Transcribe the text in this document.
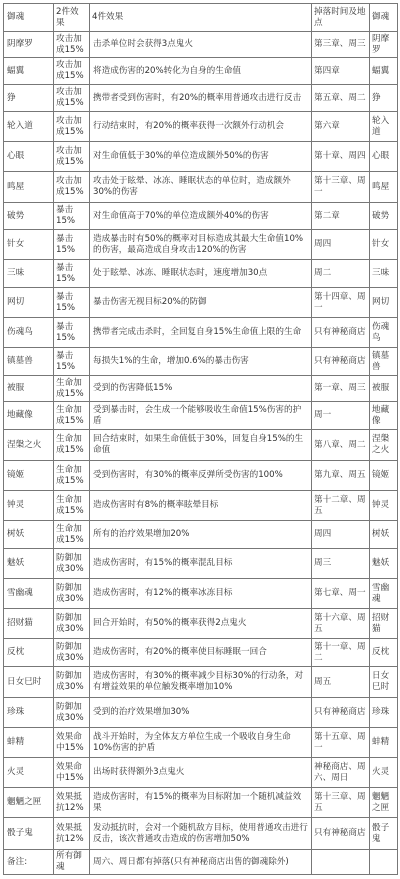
御魂	2件效果	4件效果	掉落时间及地点	御魂
阴摩罗	攻击加成15%	击杀单位时会获得3点鬼火	第三章、周三	阴摩罗
蝠翼	攻击加成15%	将造成伤害的20%转化为自身的生命值	第四章	蝠翼
狰	攻击加成15%	携带者受到伤害时，有20%的概率用普通攻击进行反击	第五章、周二	狰
轮入道	攻击加成15%	行动结束时，有20%的概率获得一次额外行动机会	第六章	轮入道
心眼	攻击加成15%	对生命值低于30%的单位造成额外50%的伤害	第十章、周四	心眼
鸣屋	攻击加成15%	攻击处于眩晕、冰冻、睡眠状态的单位时，造成额外30%的伤害	第十三章、周一	鸣屋
破势	暴击15%	对生命值高于70%的单位造成额外40%的伤害	第二章	破势
针女	暴击15%	造成暴击时有50%的概率对目标造成其最大生命值10%的伤害，最高造成自身攻击120%的伤害	周四	针女
三味	暴击15%	处于眩晕、冰冻、睡眠状态时，速度增加30点	周二	三味
网切	暴击15%	暴击伤害无视目标20%的防御	第十四章、周一	网切
伤魂鸟	暴击15%	携带者完成击杀时，全回复自身15%生命值上限的生命	只有神秘商店	伤魂鸟
镇墓兽	暴击15%	每损失1%的生命，增加0.6%的暴击伤害	只有神秘商店	镇墓兽
被服	生命加成15%	受到的伤害降低15%	第一章、周三	被服
地藏像	生命加成15%	受到暴击时，会生成一个能够吸收生命值15%伤害的护盾	周一	地藏像
涅槃之火	生命加成15%	回合结束时，如果生命值低于30%，回复自身15%的生命值	第八章、周二	涅槃之火
镜姬	生命加成15%	受到伤害时，有30%的概率反弹所受伤害的100%	第九章、周五	镜姬
钟灵	生命加成15%	造成伤害时有8%的概率眩晕目标	第十二章、周五	钟灵
树妖	生命加成15%	所有的治疗效果增加20%	周四	树妖
魅妖	防御加成30%	造成伤害时，有15%的概率混乱目标	周三	魅妖
雪幽魂	防御加成30%	造成伤害时，有12%的概率冰冻目标	第七章、周一	雪幽魂
招财猫	防御加成30%	回合开始时，有50%的概率获得2点鬼火	第十六章、周五	招财猫
反枕	防御加成30%	造成伤害时，有20%的概率使目标睡眠一回合	第十一章、周二	反枕
日女巳时	防御加成30%	造成伤害时，有30%的概率减少目标30%的行动条，对有增益效果的单位触发概率增加10%	周五	日女巳时
珍珠	防御加成30%	受到的治疗效果增加30%	只有神秘商店	珍珠
蚌精	效果命中15%	战斗开始时，为全体友方单位生成一个吸收自身生命10%伤害的护盾	第十五章、周一	蚌精
火灵	效果命中15%	出场时获得额外3点鬼火	神秘商店、周六、周日	火灵
魍魉之匣	效果抵抗12%	造成伤害时，有15%的概率为目标附加一个随机减益效果	第十三章、周五	魍魉之匣
骰子鬼	效果抵抗12%	发动抵抗时，会对一个随机敌方目标，使用普通攻击进行反击，该次普通攻击造成的伤害增加50%	只有神秘商店	骰子鬼
备注:	所有御魂	周六、周日都有掉落(只有神秘商店出售的御魂除外)		
